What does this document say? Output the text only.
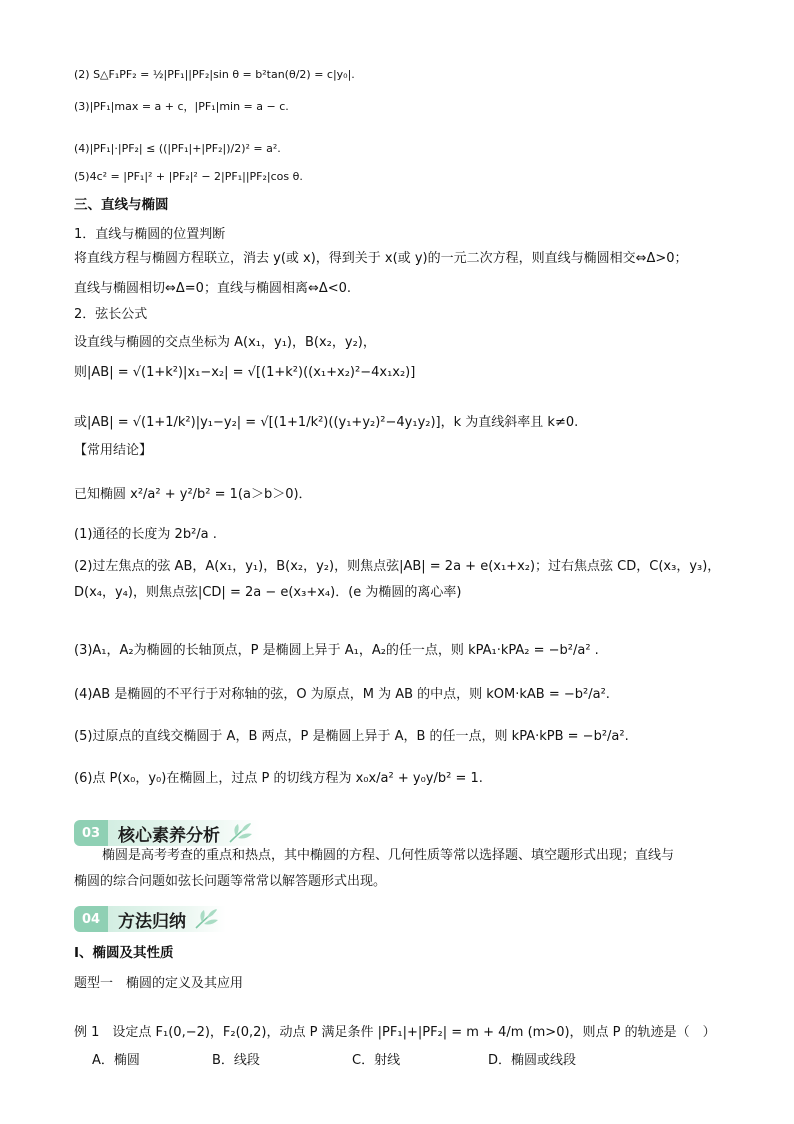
(2) S△F₁PF₂ = ½|PF₁||PF₂|sin θ = b²tan(θ/2) = c|y₀|.
(3)|PF₁|max = a + c，|PF₁|min = a − c.
(4)|PF₁|·|PF₂| ≤ ((|PF₁|+|PF₂|)/2)² = a².
(5)4c² = |PF₁|² + |PF₂|² − 2|PF₁||PF₂|cos θ.
三、直线与椭圆
1．直线与椭圆的位置判断
将直线方程与椭圆方程联立，消去 y(或 x)，得到关于 x(或 y)的一元二次方程，则直线与椭圆相交⇔Δ>0；
直线与椭圆相切⇔Δ=0；直线与椭圆相离⇔Δ<0.
2．弦长公式
设直线与椭圆的交点坐标为 A(x₁，y₁)，B(x₂，y₂)，
则|AB| = √(1+k²)|x₁−x₂| = √[(1+k²)((x₁+x₂)²−4x₁x₂)]
或|AB| = √(1+1/k²)|y₁−y₂| = √[(1+1/k²)((y₁+y₂)²−4y₁y₂)]，k 为直线斜率且 k≠0.
【常用结论】
已知椭圆 x²/a² + y²/b² = 1(a＞b＞0)．
(1)通径的长度为 2b²/a .
(2)过左焦点的弦 AB，A(x₁，y₁)，B(x₂，y₂)，则焦点弦|AB| = 2a + e(x₁+x₂)；过右焦点弦 CD，C(x₃，y₃)，
D(x₄，y₄)，则焦点弦|CD| = 2a − e(x₃+x₄)．(e 为椭圆的离心率)
(3)A₁，A₂为椭圆的长轴顶点，P 是椭圆上异于 A₁，A₂的任一点，则 kPA₁·kPA₂ = −b²/a² .
(4)AB 是椭圆的不平行于对称轴的弦，O 为原点，M 为 AB 的中点，则 kOM·kAB = −b²/a².
(5)过原点的直线交椭圆于 A，B 两点，P 是椭圆上异于 A，B 的任一点，则 kPA·kPB = −b²/a².
(6)点 P(x₀，y₀)在椭圆上，过点 P 的切线方程为 x₀x/a² + y₀y/b² = 1.
03	核心素养分析
椭圆是高考考查的重点和热点，其中椭圆的方程、几何性质等常以选择题、填空题形式出现；直线与
椭圆的综合问题如弦长问题等常常以解答题形式出现。
04	方法归纳
Ⅰ、椭圆及其性质
题型一　椭圆的定义及其应用
例 1　设定点 F₁(0,−2)，F₂(0,2)，动点 P 满足条件 |PF₁|+|PF₂| = m + 4/m (m>0)，则点 P 的轨迹是（　）
A．椭圆	B．线段	C．射线	D．椭圆或线段
